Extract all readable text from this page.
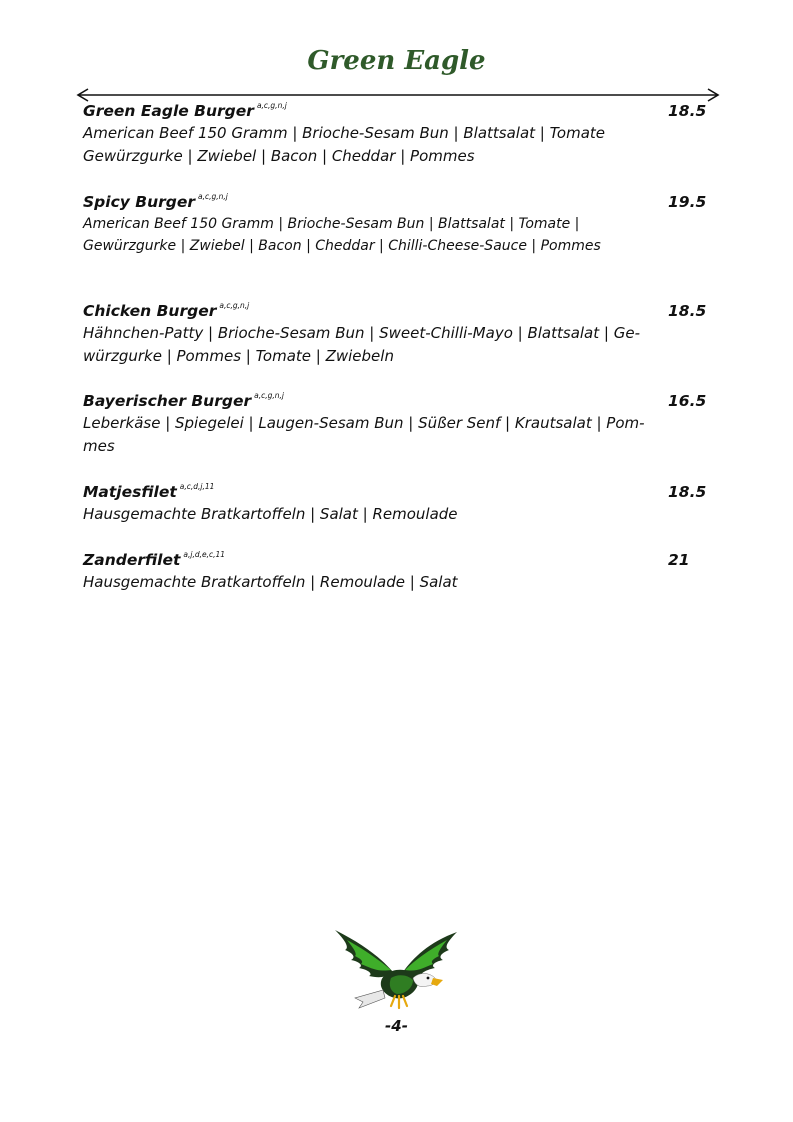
Green Eagle
Green Eagle Burger $^{a,c,g,n,j}$	18.5
American Beef 150 Gramm | Brioche-Sesam Bun | Blattsalat | Tomate
Gewürzgurke | Zwiebel | Bacon | Cheddar | Pommes
Spicy Burger $^{a,c,g,n,j}$	19.5
American Beef 150 Gramm | Brioche-Sesam Bun | Blattsalat | Tomate |
Gewürzgurke | Zwiebel | Bacon | Cheddar | Chilli-Cheese-Sauce | Pommes
Chicken Burger $^{a,c,g,n,j}$	18.5
Hähnchen-Patty | Brioche-Sesam Bun | Sweet-Chilli-Mayo | Blattsalat | Ge-
würzgurke | Pommes | Tomate | Zwiebeln
Bayerischer Burger $^{a,c,g,n,j}$	16.5
Leberkäse | Spiegelei | Laugen-Sesam Bun | Süßer Senf | Krautsalat | Pom-
mes
Matjesfilet $^{a,c,d,j,11}$	18.5
Hausgemachte Bratkartoffeln | Salat | Remoulade
Zanderfilet $^{a,j,d,e,c,11}$	21
Hausgemachte Bratkartoffeln | Remoulade | Salat
-4-
